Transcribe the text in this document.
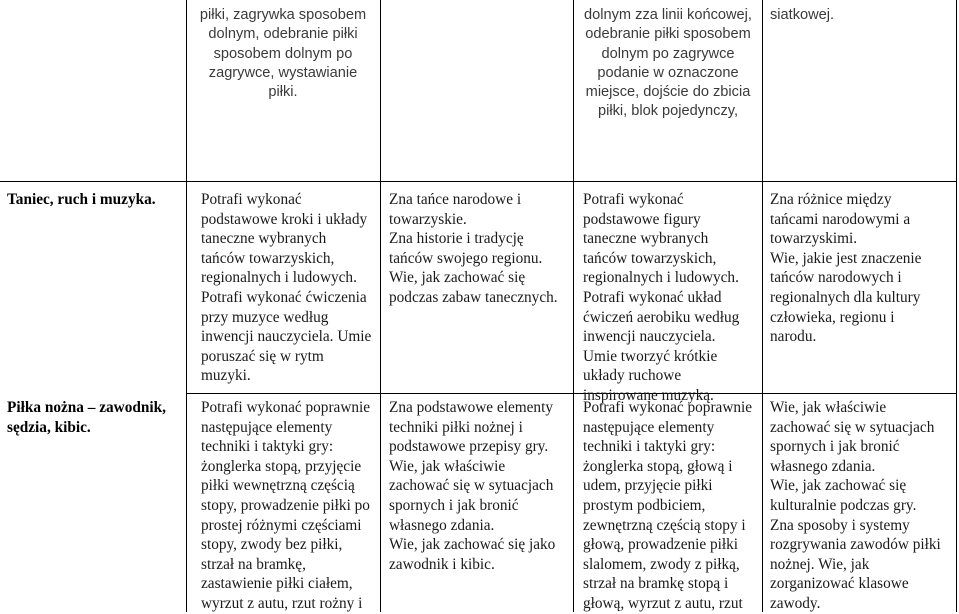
piłki, zagrywka sposobem
dolnym, odebranie piłki
sposobem dolnym po
zagrywce, wystawianie
piłki.
dolnym zza linii końcowej,
odebranie piłki sposobem
dolnym po zagrywce
podanie w oznaczone
miejsce, dojście do zbicia
piłki, blok pojedynczy,
siatkowej.
Taniec, ruch i muzyka.	Potrafi wykonać
podstawowe kroki i układy
taneczne wybranych
tańców towarzyskich,
regionalnych i ludowych.
Potrafi wykonać ćwiczenia
przy muzyce według
inwencji nauczyciela. Umie
poruszać się w rytm
muzyki.
Zna tańce narodowe i
towarzyskie.
Zna historie i tradycję
tańców swojego regionu.
Wie, jak zachować się
podczas zabaw tanecznych.
Potrafi wykonać
podstawowe figury
taneczne wybranych
tańców towarzyskich,
regionalnych i ludowych.
Potrafi wykonać układ
ćwiczeń aerobiku według
inwencji nauczyciela.
Umie tworzyć krótkie
układy ruchowe
inspirowane muzyką.
Zna różnice między
tańcami narodowymi a
towarzyskimi.
Wie, jakie jest znaczenie
tańców narodowych i
regionalnych dla kultury
człowieka, regionu i
narodu.
Piłka nożna – zawodnik,
sędzia, kibic.
Potrafi wykonać poprawnie
następujące elementy
techniki i taktyki gry:
żonglerka stopą, przyjęcie
piłki wewnętrzną częścią
stopy, prowadzenie piłki po
prostej różnymi częściami
stopy, zwody bez piłki,
strzał na bramkę,
zastawienie piłki ciałem,
wyrzut z autu, rzut rożny i
Zna podstawowe elementy
techniki piłki nożnej i
podstawowe przepisy gry.
Wie, jak właściwie
zachować się w sytuacjach
spornych i jak bronić
własnego zdania.
Wie, jak zachować się jako
zawodnik i kibic.
Potrafi wykonać poprawnie
następujące elementy
techniki i taktyki gry:
żonglerka stopą, głową i
udem, przyjęcie piłki
prostym podbiciem,
zewnętrzną częścią stopy i
głową, prowadzenie piłki
slalomem, zwody z piłką,
strzał na bramkę stopą i
głową, wyrzut z autu, rzut
Wie, jak właściwie
zachować się w sytuacjach
spornych i jak bronić
własnego zdania.
Wie, jak zachować się
kulturalnie podczas gry.
Zna sposoby i systemy
rozgrywania zawodów piłki
nożnej. Wie, jak
zorganizować klasowe
zawody.
